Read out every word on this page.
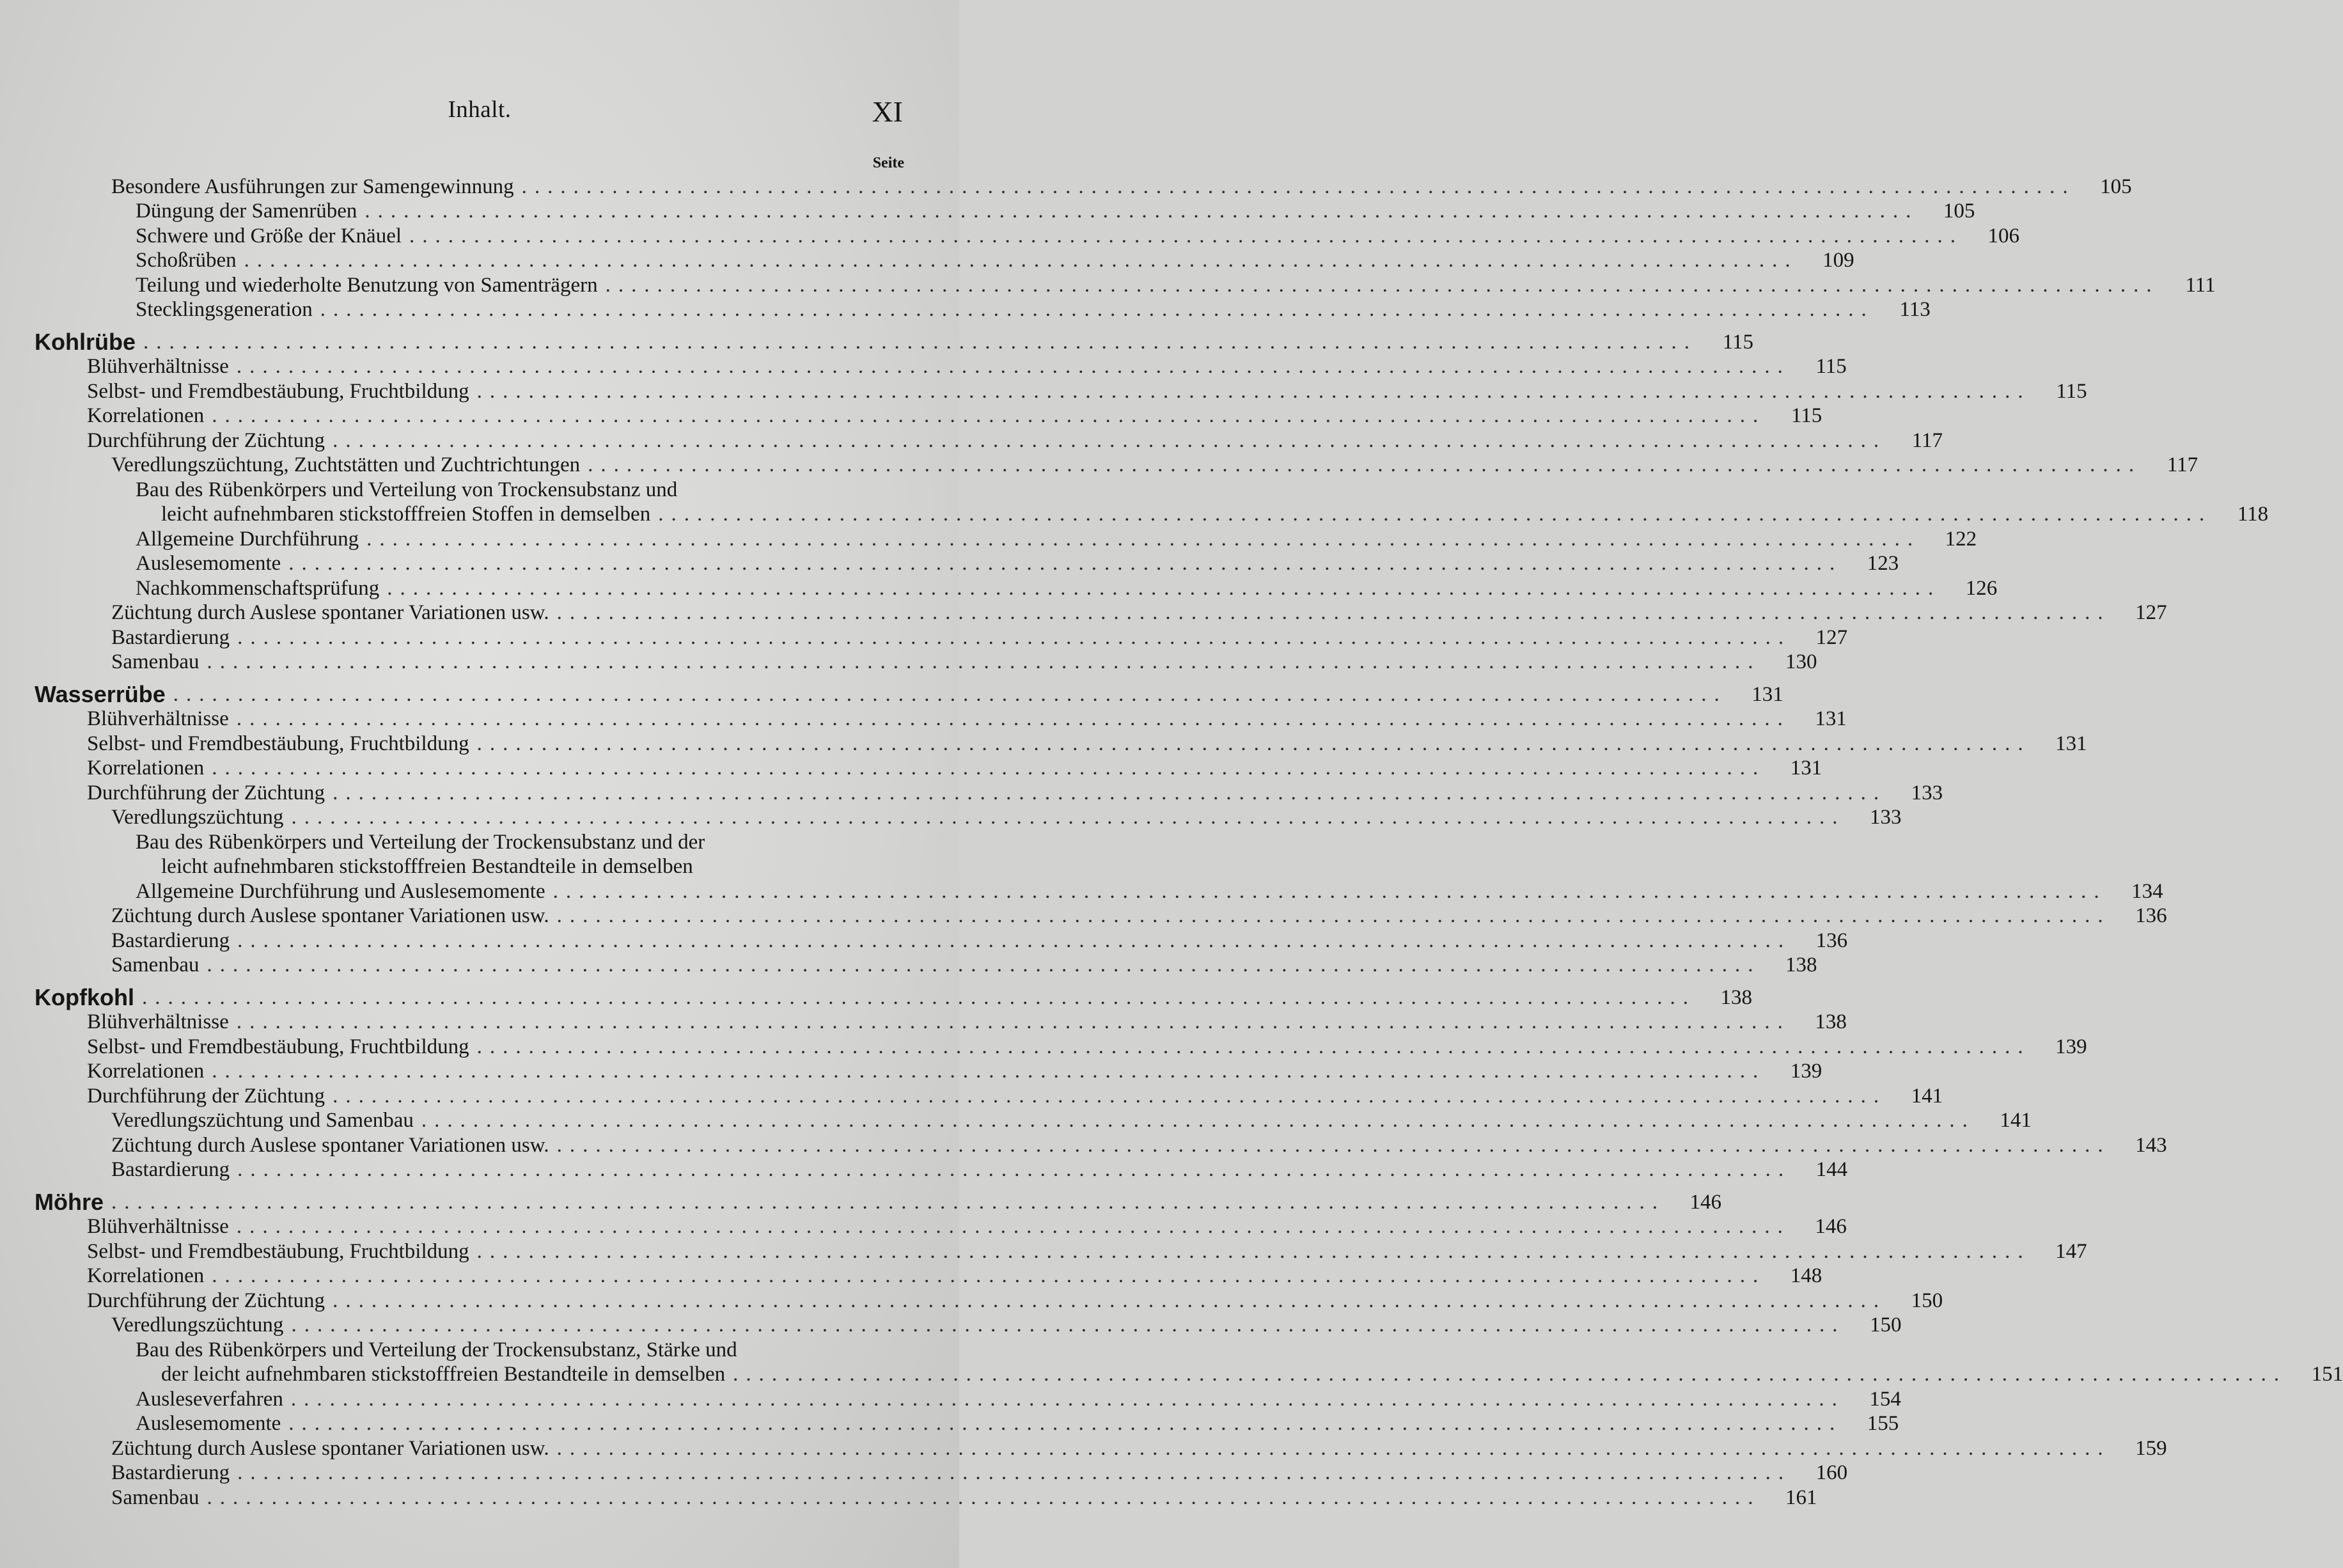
Inhalt.	XI
Seite
Besondere Ausführungen zur Samengewinnung ........................................................................................................................	105
Düngung der Samenrüben ........................................................................................................................	105
Schwere und Größe der Knäuel ........................................................................................................................	106
Schoßrüben ........................................................................................................................	109
Teilung und wiederholte Benutzung von Samenträgern ........................................................................................................................	111
Stecklingsgeneration ........................................................................................................................	113
Kohlrübe ........................................................................................................................	115
Blühverhältnisse ........................................................................................................................	115
Selbst- und Fremdbestäubung, Fruchtbildung ........................................................................................................................	115
Korrelationen ........................................................................................................................	115
Durchführung der Züchtung ........................................................................................................................	117
Veredlungszüchtung, Zuchtstätten und Zuchtrichtungen ........................................................................................................................	117
Bau des Rübenkörpers und Verteilung von Trockensubstanz und
leicht aufnehmbaren stickstofffreien Stoffen in demselben ........................................................................................................................	118
Allgemeine Durchführung ........................................................................................................................	122
Auslesemomente ........................................................................................................................	123
Nachkommenschaftsprüfung ........................................................................................................................	126
Züchtung durch Auslese spontaner Variationen usw. ........................................................................................................................	127
Bastardierung ........................................................................................................................	127
Samenbau ........................................................................................................................	130
Wasserrübe ........................................................................................................................	131
Blühverhältnisse ........................................................................................................................	131
Selbst- und Fremdbestäubung, Fruchtbildung ........................................................................................................................	131
Korrelationen ........................................................................................................................	131
Durchführung der Züchtung ........................................................................................................................	133
Veredlungszüchtung ........................................................................................................................	133
Bau des Rübenkörpers und Verteilung der Trockensubstanz und der
leicht aufnehmbaren stickstofffreien Bestandteile in demselben
Allgemeine Durchführung und Auslesemomente ........................................................................................................................	134
Züchtung durch Auslese spontaner Variationen usw. ........................................................................................................................	136
Bastardierung ........................................................................................................................	136
Samenbau ........................................................................................................................	138
Kopfkohl ........................................................................................................................	138
Blühverhältnisse ........................................................................................................................	138
Selbst- und Fremdbestäubung, Fruchtbildung ........................................................................................................................	139
Korrelationen ........................................................................................................................	139
Durchführung der Züchtung ........................................................................................................................	141
Veredlungszüchtung und Samenbau ........................................................................................................................	141
Züchtung durch Auslese spontaner Variationen usw. ........................................................................................................................	143
Bastardierung ........................................................................................................................	144
Möhre ........................................................................................................................	146
Blühverhältnisse ........................................................................................................................	146
Selbst- und Fremdbestäubung, Fruchtbildung ........................................................................................................................	147
Korrelationen ........................................................................................................................	148
Durchführung der Züchtung ........................................................................................................................	150
Veredlungszüchtung ........................................................................................................................	150
Bau des Rübenkörpers und Verteilung der Trockensubstanz, Stärke und
der leicht aufnehmbaren stickstofffreien Bestandteile in demselben ........................................................................................................................	151
Ausleseverfahren ........................................................................................................................	154
Auslesemomente ........................................................................................................................	155
Züchtung durch Auslese spontaner Variationen usw. ........................................................................................................................	159
Bastardierung ........................................................................................................................	160
Samenbau ........................................................................................................................	161
